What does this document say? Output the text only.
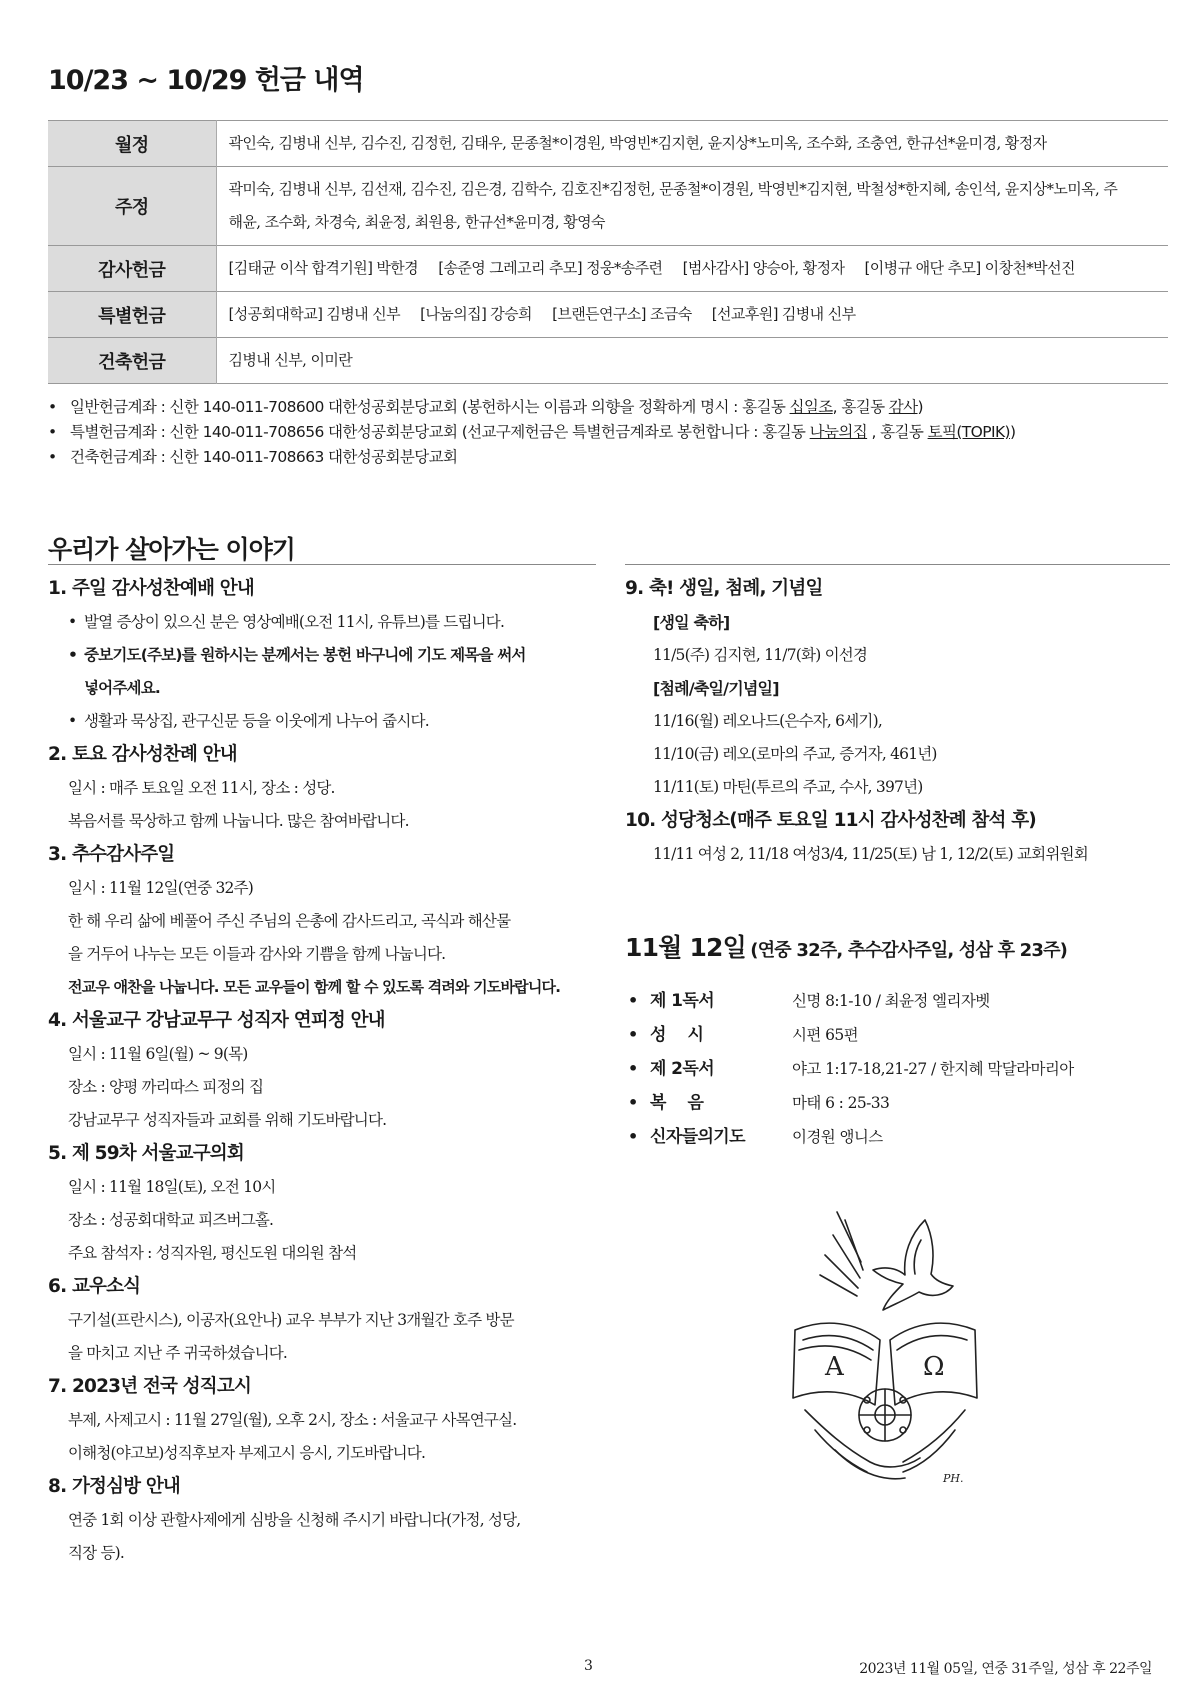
10/23 ~ 10/29 헌금 내역
월정	곽인숙, 김병내 신부, 김수진, 김정헌, 김태우, 문종철*이경원, 박영빈*김지현, 윤지상*노미옥, 조수화, 조충연, 한규선*윤미경, 황정자

주정	곽미숙, 김병내 신부, 김선재, 김수진, 김은경, 김학수, 김호진*김정헌, 문종철*이경원, 박영빈*김지현, 박철성*한지혜, 송인석, 윤지상*노미옥, 주
해윤, 조수화, 차경숙, 최윤정, 최원용, 한규선*윤미경, 황영숙

감사헌금	[김태균 이삭 합격기원] 박한경 [송준영 그레고리 추모] 정웅*송주련 [범사감사] 양승아, 황정자 [이병규 애단 추모] 이창천*박선진
특별헌금	[성공회대학교] 김병내 신부 [나눔의집] 강승희 [브랜든연구소] 조금숙 [선교후원] 김병내 신부
건축헌금	김병내 신부, 이미란
• 일반헌금계좌 : 신한 140-011-708600 대한성공회분당교회 (봉헌하시는 이름과 의향을 정확하게 명시 : 홍길동 십일조, 홍길동 감사)
• 특별헌금계좌 : 신한 140-011-708656 대한성공회분당교회 (선교구제헌금은 특별헌금계좌로 봉헌합니다 : 홍길동 나눔의집 , 홍길동 토픽(TOPIK))
• 건축헌금계좌 : 신한 140-011-708663 대한성공회분당교회
우리가 살아가는 이야기
1. 주일 감사성찬예배 안내
• 발열 증상이 있으신 분은 영상예배(오전 11시, 유튜브)를 드립니다.
• 중보기도(주보)를 원하시는 분께서는 봉헌 바구니에 기도 제목을 써서
넣어주세요.
• 생활과 묵상집, 관구신문 등을 이웃에게 나누어 줍시다.
2. 토요 감사성찬례 안내
일시 : 매주 토요일 오전 11시, 장소 : 성당.
복음서를 묵상하고 함께 나눕니다. 많은 참여바랍니다.
3. 추수감사주일
일시 : 11월 12일(연중 32주)
한 해 우리 삶에 베풀어 주신 주님의 은총에 감사드리고, 곡식과 해산물
을 거두어 나누는 모든 이들과 감사와 기쁨을 함께 나눕니다.
전교우 애찬을 나눕니다. 모든 교우들이 함께 할 수 있도록 격려와 기도바랍니다.
4. 서울교구 강남교무구 성직자 연피정 안내
일시 : 11월 6일(월) ~ 9(목)
장소 : 양평 까리따스 피정의 집
강남교무구 성직자들과 교회를 위해 기도바랍니다.
5. 제 59차 서울교구의회
일시 : 11월 18일(토), 오전 10시
장소 : 성공회대학교 피즈버그홀.
주요 참석자 : 성직자원, 평신도원 대의원 참석
6. 교우소식
구기설(프란시스), 이공자(요안나) 교우 부부가 지난 3개월간 호주 방문
을 마치고 지난 주 귀국하셨습니다.
7. 2023년 전국 성직고시
부제, 사제고시 : 11월 27일(월), 오후 2시, 장소 : 서울교구 사목연구실.
이해청(야고보)성직후보자 부제고시 응시, 기도바랍니다.
8. 가정심방 안내
연중 1회 이상 관할사제에게 심방을 신청해 주시기 바랍니다(가정, 성당,
직장 등).
9. 축! 생일, 첨례, 기념일
[생일 축하]
11/5(주) 김지현, 11/7(화) 이선경
[첨례/축일/기념일]
11/16(월) 레오나드(은수자, 6세기),
11/10(금) 레오(로마의 주교, 증거자, 461년)
11/11(토) 마틴(투르의 주교, 수사, 397년)
10. 성당청소(매주 토요일 11시 감사성찬례 참석 후)
11/11 여성 2, 11/18 여성3/4, 11/25(토) 남 1, 12/2(토) 교회위원회
11월 12일 (연중 32주, 추수감사주일, 성삼 후 23주)
• 제 1독서	신명 8:1-10 / 최윤정 엘리자벳
• 성　 시	시편 65편
• 제 2독서	야고 1:17-18,21-27 / 한지혜 막달라마리아
• 복　 음	마태 6 : 25-33
• 신자들의기도	이경원 앵니스
A	Ω
PH.
3	2023년 11월 05일, 연중 31주일, 성삼 후 22주일
